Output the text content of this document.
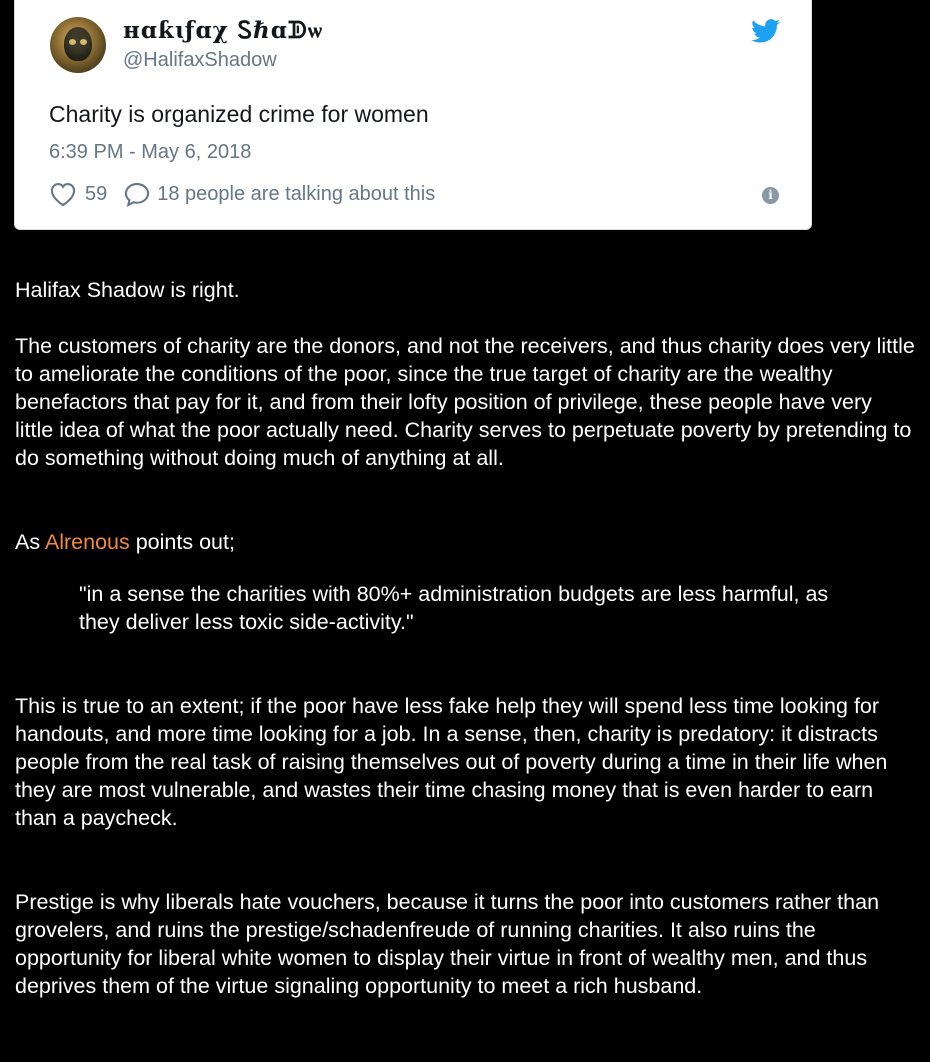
ʜɑƙɩƒɑχ Ꮪℏɑᗫѡ
@HalifaxShadow
Charity is organized crime for women
6:39 PM - May 6, 2018
59	18 people are talking about this	i

Halifax Shadow is right.

The customers of charity are the donors, and not the receivers, and thus charity does very little to ameliorate the conditions of the poor, since the true target of charity are the wealthy benefactors that pay for it, and from their lofty position of privilege, these people have very little idea of what the poor actually need. Charity serves to perpetuate poverty by pretending to do something without doing much of anything at all.

As Alrenous points out;

"in a sense the charities with 80%+ administration budgets are less harmful, as they deliver less toxic side-activity."

This is true to an extent; if the poor have less fake help they will spend less time looking for handouts, and more time looking for a job. In a sense, then, charity is predatory: it distracts people from the real task of raising themselves out of poverty during a time in their life when they are most vulnerable, and wastes their time chasing money that is even harder to earn than a paycheck.

Prestige is why liberals hate vouchers, because it turns the poor into customers rather than grovelers, and ruins the prestige/schadenfreude of running charities. It also ruins the opportunity for liberal white women to display their virtue in front of wealthy men, and thus deprives them of the virtue signaling opportunity to meet a rich husband.
